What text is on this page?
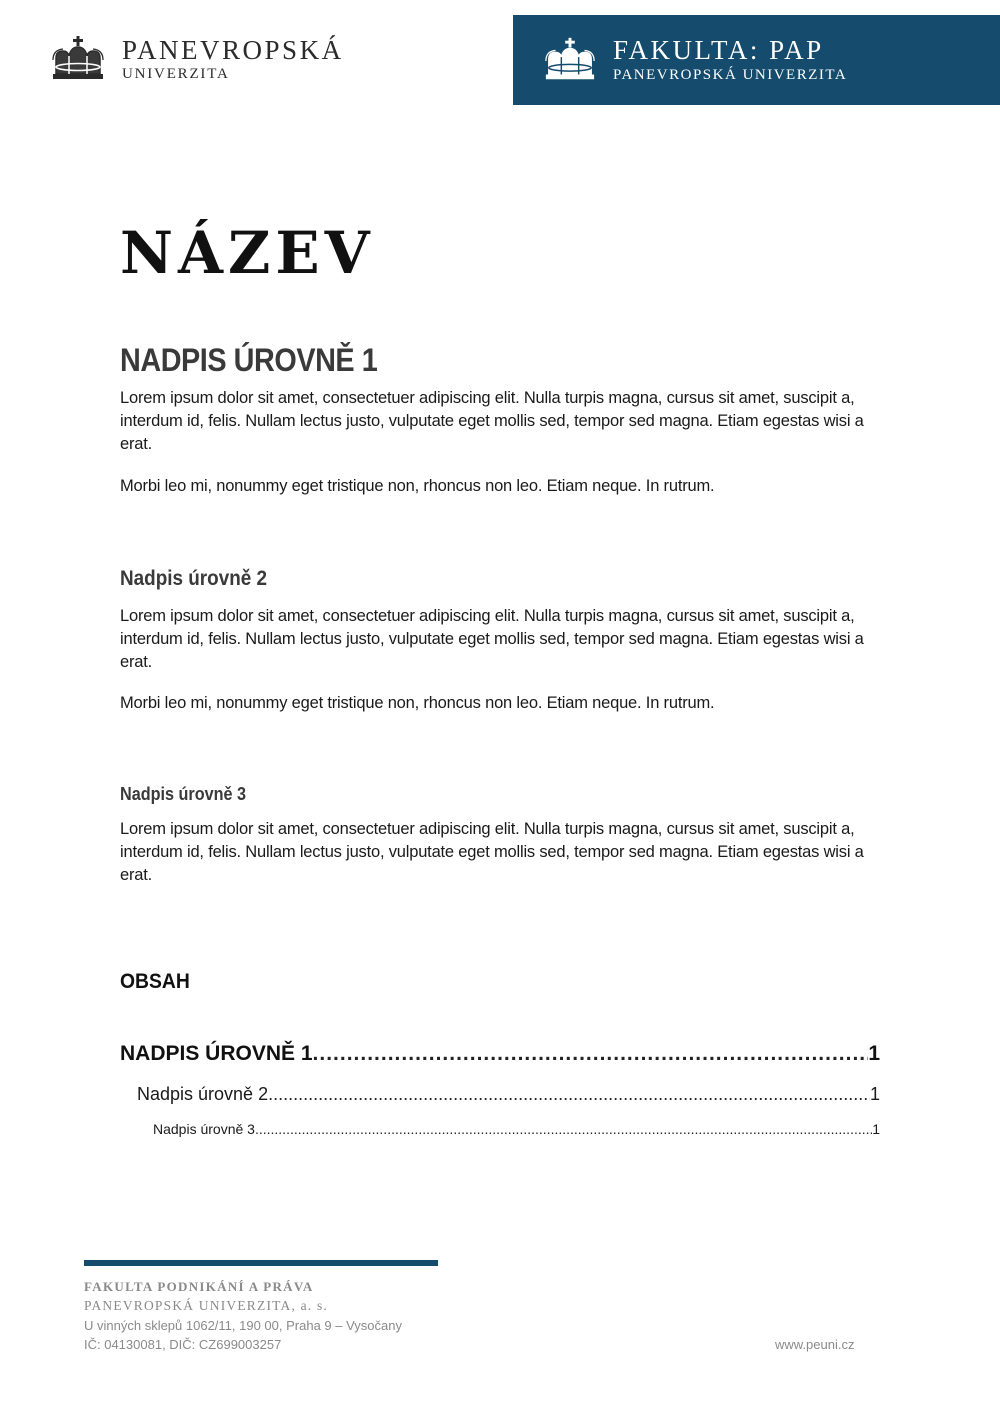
PANEVROPSKÁ
UNIVERZITA
FAKULTA: PAP
PANEVROPSKÁ UNIVERZITA
NÁZEV
NADPIS ÚROVNĚ 1

Lorem ipsum dolor sit amet, consectetuer adipiscing elit. Nulla turpis magna, cursus sit amet, suscipit a, interdum id, felis. Nullam lectus justo, vulputate eget mollis sed, tempor sed magna. Etiam egestas wisi a erat.

Morbi leo mi, nonummy eget tristique non, rhoncus non leo. Etiam neque. In rutrum.

Nadpis úrovně 2

Lorem ipsum dolor sit amet, consectetuer adipiscing elit. Nulla turpis magna, cursus sit amet, suscipit a, interdum id, felis. Nullam lectus justo, vulputate eget mollis sed, tempor sed magna. Etiam egestas wisi a erat.

Morbi leo mi, nonummy eget tristique non, rhoncus non leo. Etiam neque. In rutrum.

Nadpis úrovně 3

Lorem ipsum dolor sit amet, consectetuer adipiscing elit. Nulla turpis magna, cursus sit amet, suscipit a, interdum id, felis. Nullam lectus justo, vulputate eget mollis sed, tempor sed magna. Etiam egestas wisi a erat.

OBSAH
NADPIS ÚROVNĚ 1 .....	1
Nadpis úrovně 2 .....	1
Nadpis úrovně 3 .....	1
FAKULTA PODNIKÁNÍ A PRÁVA
PANEVROPSKÁ UNIVERZITA, a. s.
U vinných sklepů 1062/11, 190 00, Praha 9 – Vysočany
IČ: 04130081, DIČ: CZ699003257	www.peuni.cz
